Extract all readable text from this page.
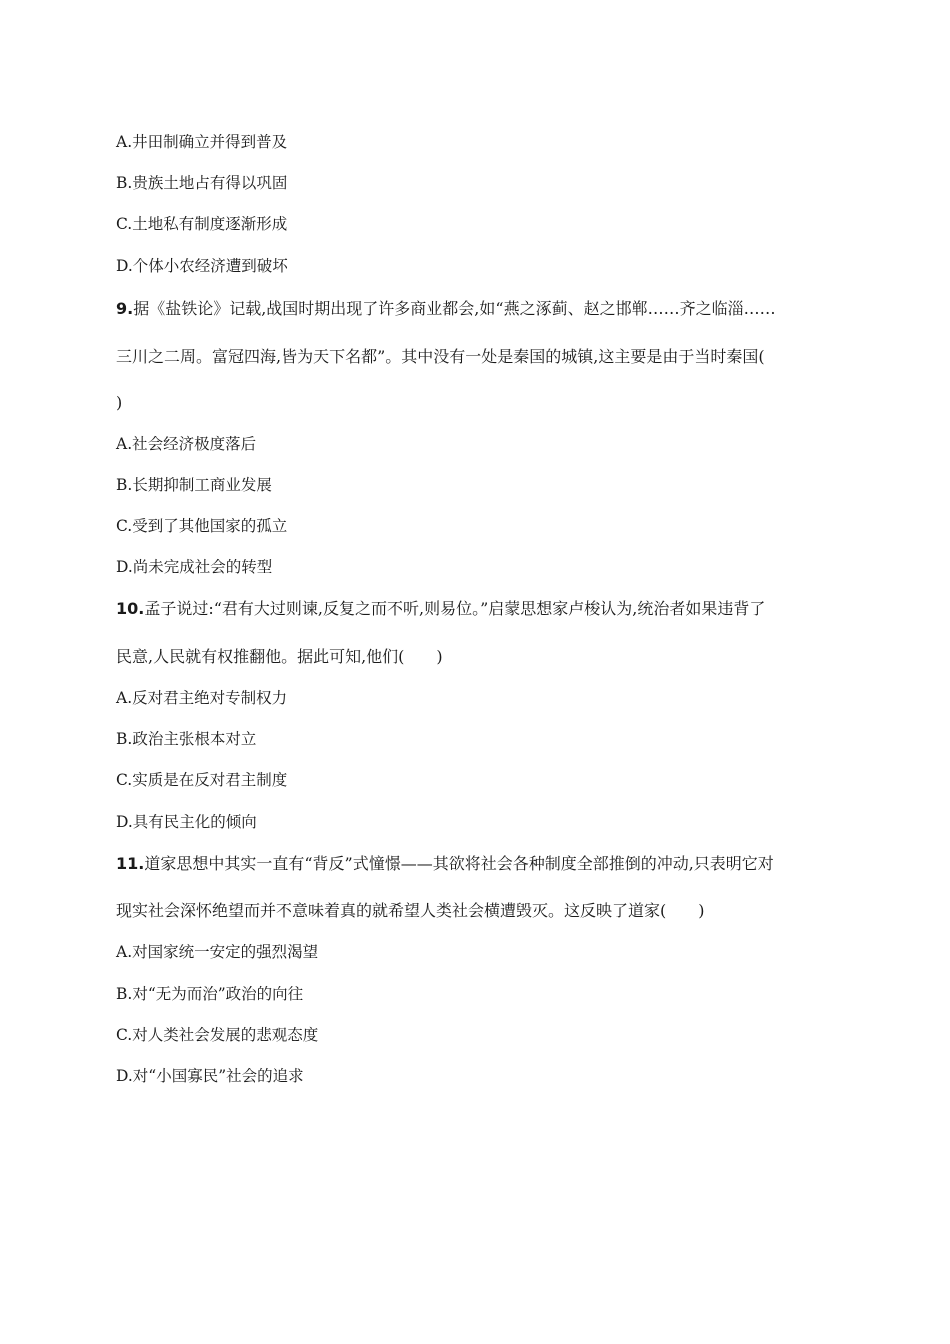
A.井田制确立并得到普及
B.贵族土地占有得以巩固
C.土地私有制度逐渐形成
D.个体小农经济遭到破坏
9.据《盐铁论》记载,战国时期出现了许多商业都会,如“燕之涿蓟、赵之邯郸……齐之临淄……
三川之二周。富冠四海,皆为天下名都”。其中没有一处是秦国的城镇,这主要是由于当时秦国(
)
A.社会经济极度落后
B.长期抑制工商业发展
C.受到了其他国家的孤立
D.尚未完成社会的转型
10.孟子说过:“君有大过则谏,反复之而不听,则易位。”启蒙思想家卢梭认为,统治者如果违背了
民意,人民就有权推翻他。据此可知,他们(　　)
A.反对君主绝对专制权力
B.政治主张根本对立
C.实质是在反对君主制度
D.具有民主化的倾向
11.道家思想中其实一直有“背反”式憧憬——其欲将社会各种制度全部推倒的冲动,只表明它对
现实社会深怀绝望而并不意味着真的就希望人类社会横遭毁灭。这反映了道家(　　)
A.对国家统一安定的强烈渴望
B.对“无为而治”政治的向往
C.对人类社会发展的悲观态度
D.对“小国寡民”社会的追求
